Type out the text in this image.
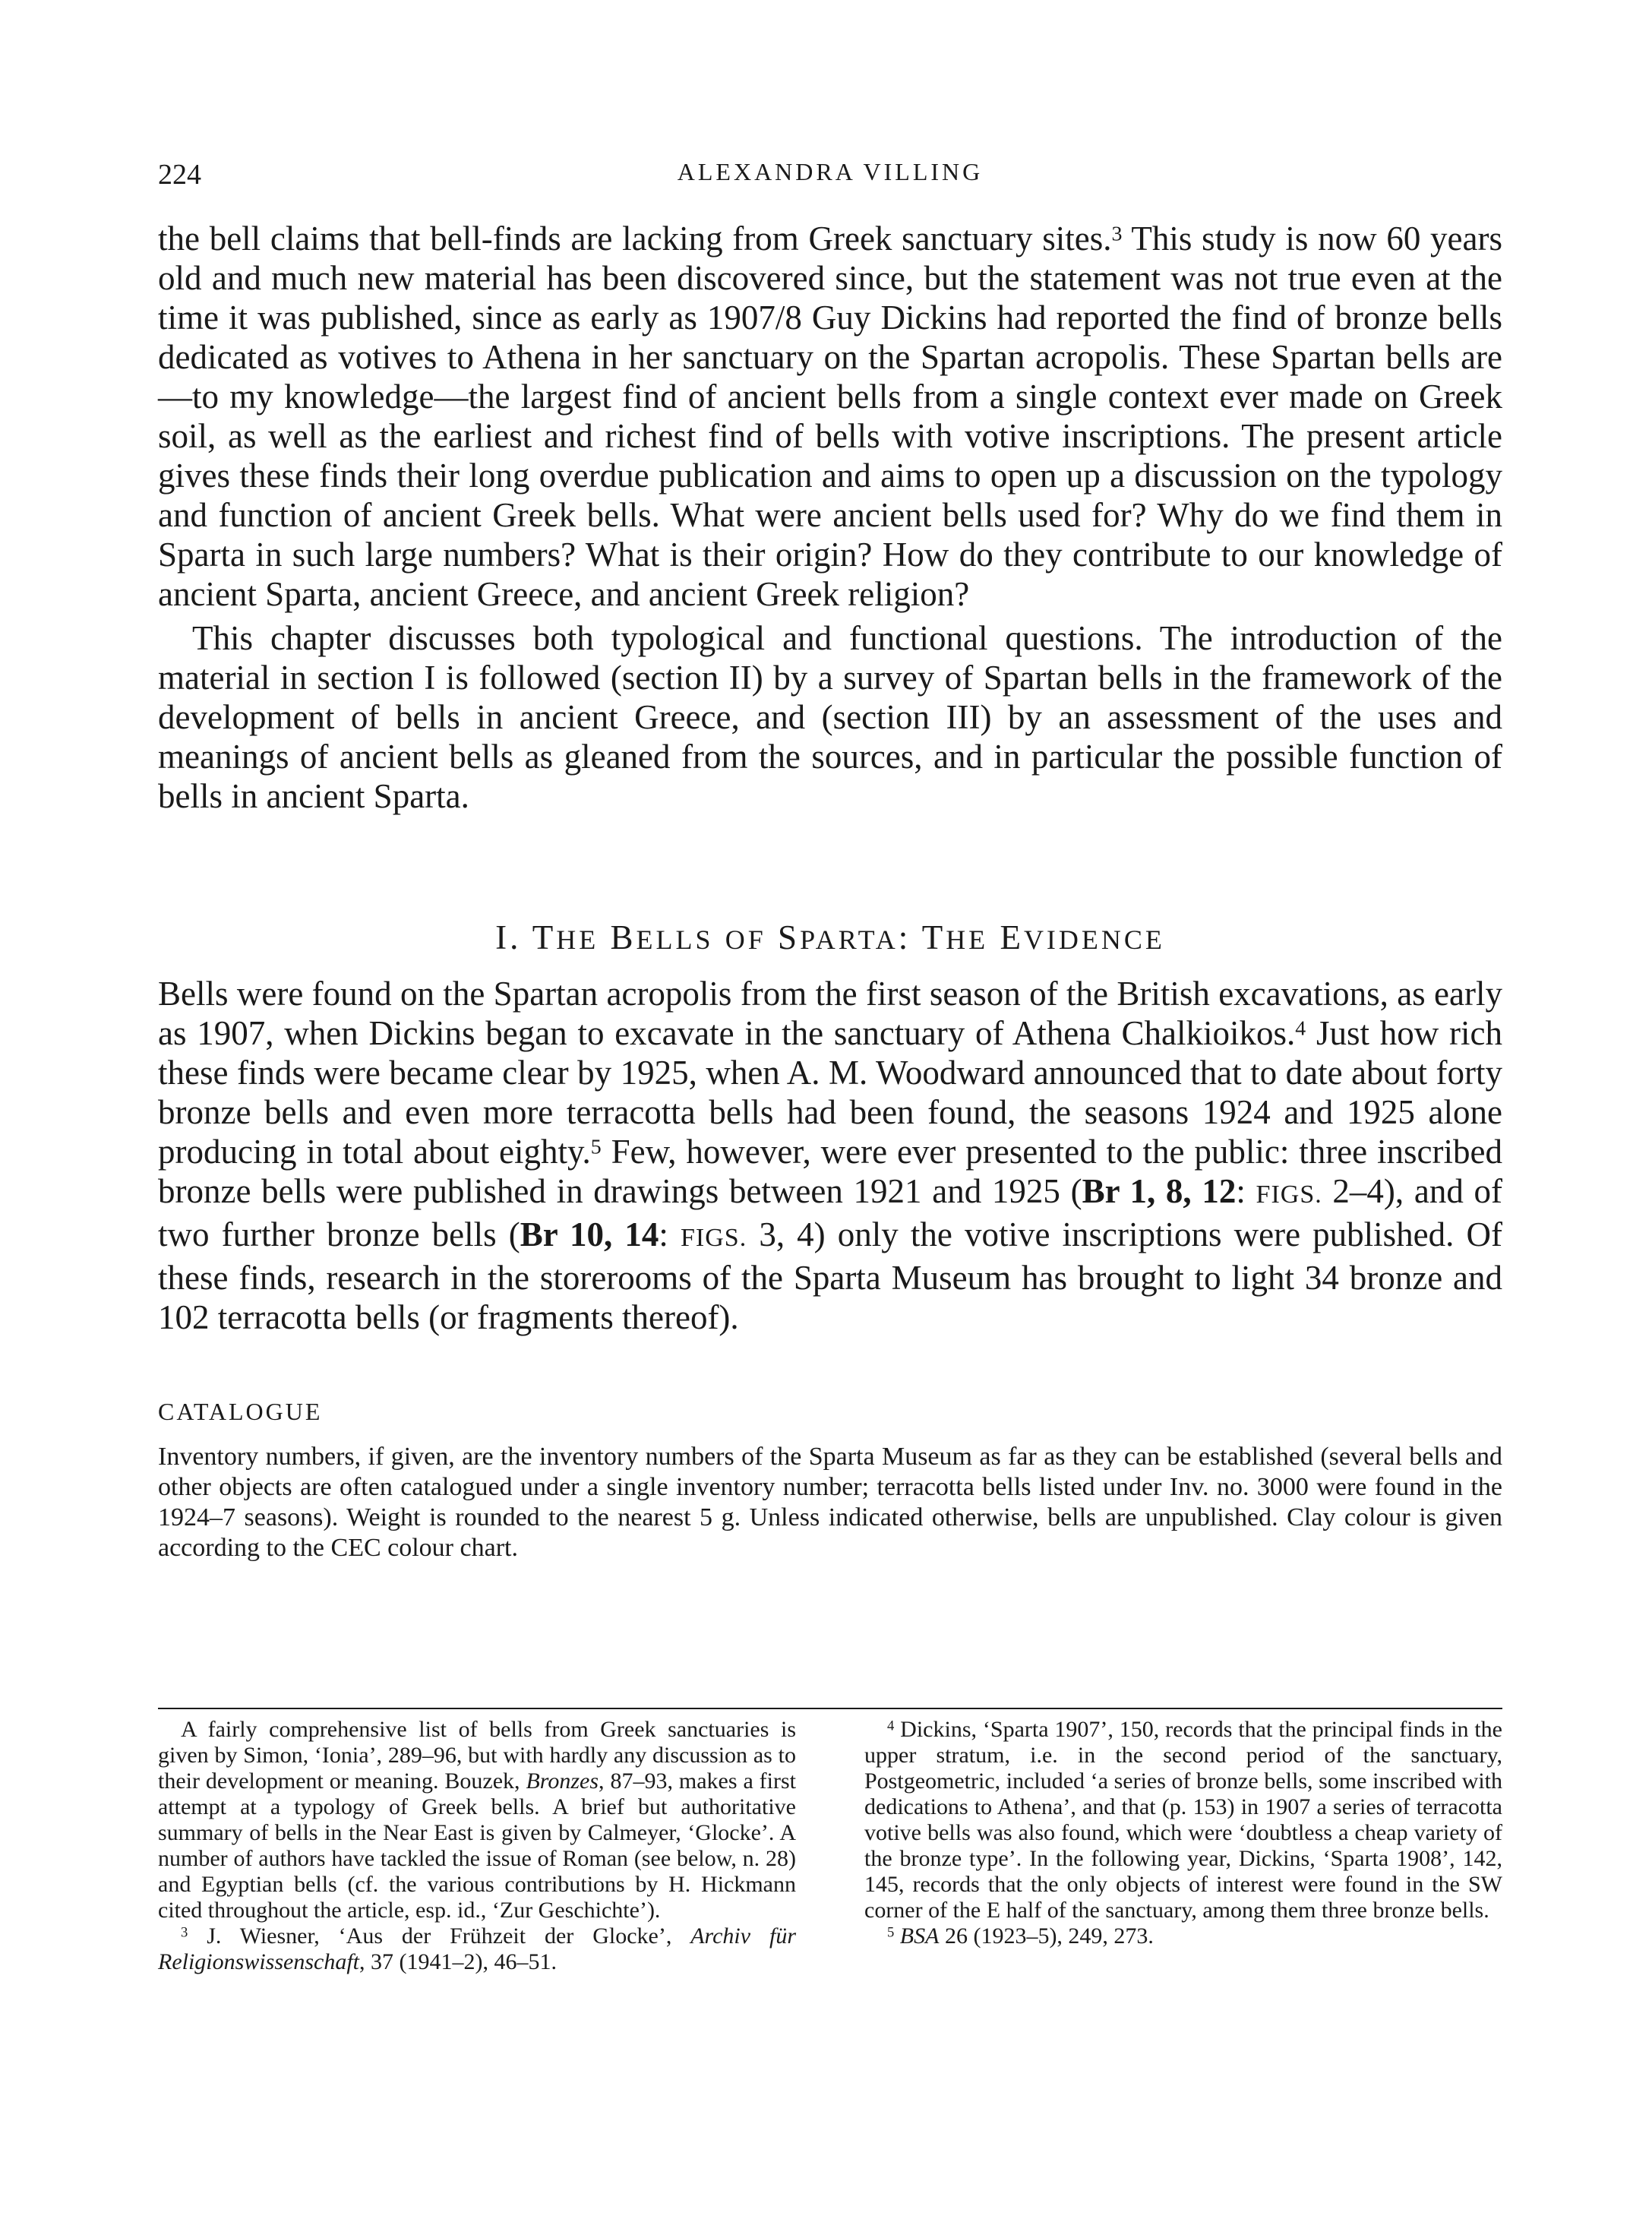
224	ALEXANDRA VILLING

the bell claims that bell-finds are lacking from Greek sanctuary sites.$^3$ This study is now 60 years old and much new material has been discovered since, but the statement was not true even at the time it was published, since as early as 1907/8 Guy Dickins had reported the find of bronze bells dedicated as votives to Athena in her sanctuary on the Spartan acropolis. These Spartan bells are—to my knowledge—the largest find of ancient bells from a single context ever made on Greek soil, as well as the earliest and richest find of bells with votive inscriptions. The present article gives these finds their long overdue publication and aims to open up a discussion on the typology and function of ancient Greek bells. What were ancient bells used for? Why do we find them in Sparta in such large numbers? What is their origin? How do they contribute to our knowledge of ancient Sparta, ancient Greece, and ancient Greek religion?

This chapter discusses both typological and functional questions. The introduction of the material in section I is followed (section II) by a survey of Spartan bells in the framework of the development of bells in ancient Greece, and (section III) by an assessment of the uses and meanings of ancient bells as gleaned from the sources, and in particular the possible function of bells in ancient Sparta.

I. THE BELLS OF SPARTA: THE EVIDENCE

Bells were found on the Spartan acropolis from the first season of the British excavations, as early as 1907, when Dickins began to excavate in the sanctuary of Athena Chalkioikos.$^4$ Just how rich these finds were became clear by 1925, when A. M. Woodward announced that to date about forty bronze bells and even more terracotta bells had been found, the seasons 1924 and 1925 alone producing in total about eighty.$^5$ Few, however, were ever presented to the public: three inscribed bronze bells were published in drawings between 1921 and 1925 (Br 1, 8, 12: FIGS. 2–4), and of two further bronze bells (Br 10, 14: FIGS. 3, 4) only the votive inscriptions were published. Of these finds, research in the storerooms of the Sparta Museum has brought to light 34 bronze and 102 terracotta bells (or fragments thereof).

CATALOGUE

Inventory numbers, if given, are the inventory numbers of the Sparta Museum as far as they can be established (several bells and other objects are often catalogued under a single inventory number; terracotta bells listed under Inv. no. 3000 were found in the 1924–7 seasons). Weight is rounded to the nearest 5 g. Unless indicated otherwise, bells are unpublished. Clay colour is given according to the CEC colour chart.

A fairly comprehensive list of bells from Greek sanctuaries is given by Simon, ‘Ionia’, 289–96, but with hardly any discussion as to their development or meaning. Bouzek, Bronzes, 87–93, makes a first attempt at a typology of Greek bells. A brief but authoritative summary of bells in the Near East is given by Calmeyer, ‘Glocke’. A number of authors have tackled the issue of Roman (see below, n. 28) and Egyptian bells (cf. the various contributions by H. Hickmann cited throughout the article, esp. id., ‘Zur Geschichte’).

$^3$ J. Wiesner, ‘Aus der Frühzeit der Glocke’, Archiv für Religionswissenschaft, 37 (1941–2), 46–51.

$^4$ Dickins, ‘Sparta 1907’, 150, records that the principal finds in the upper stratum, i.e. in the second period of the sanctuary, Postgeometric, included ‘a series of bronze bells, some inscribed with dedications to Athena’, and that (p. 153) in 1907 a series of terracotta votive bells was also found, which were ‘doubtless a cheap variety of the bronze type’. In the following year, Dickins, ‘Sparta 1908’, 142, 145, records that the only objects of interest were found in the SW corner of the E half of the sanctuary, among them three bronze bells.

$^5$ BSA 26 (1923–5), 249, 273.
